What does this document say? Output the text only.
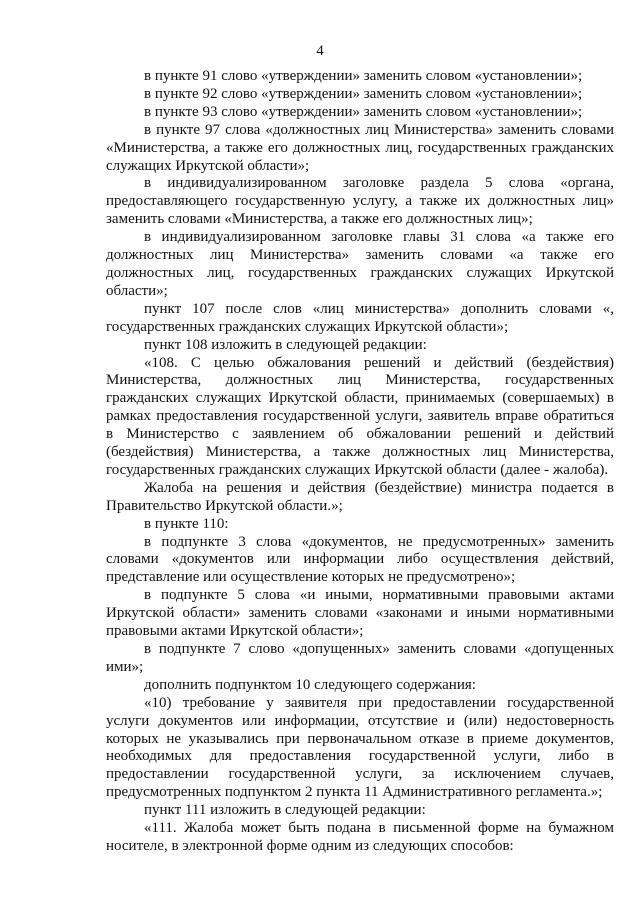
4

в пункте 91 слово «утверждении» заменить словом «установлении»;

в пункте 92 слово «утверждении» заменить словом «установлении»;

в пункте 93 слово «утверждении» заменить словом «установлении»;

в пункте 97 слова «должностных лиц Министерства» заменить словами «Министерства, а также его должностных лиц, государственных гражданских служащих Иркутской области»;

в индивидуализированном заголовке раздела 5 слова «органа, предоставляющего государственную услугу, а также их должностных лиц» заменить словами «Министерства, а также его должностных лиц»;

в индивидуализированном заголовке главы 31 слова «а также его должностных лиц Министерства» заменить словами «а также его должностных лиц, государственных гражданских служащих Иркутской области»;

пункт 107 после слов «лиц министерства» дополнить словами «, государственных гражданских служащих Иркутской области»;

пункт 108 изложить в следующей редакции:

«108. С целью обжалования решений и действий (бездействия) Министерства, должностных лиц Министерства, государственных гражданских служащих Иркутской области, принимаемых (совершаемых) в рамках предоставления государственной услуги, заявитель вправе обратиться в Министерство с заявлением об обжаловании решений и действий (бездействия) Министерства, а также должностных лиц Министерства, государственных гражданских служащих Иркутской области (далее - жалоба).

Жалоба на решения и действия (бездействие) министра подается в Правительство Иркутской области.»;

в пункте 110:

в подпункте 3 слова «документов, не предусмотренных» заменить словами «документов или информации либо осуществления действий, представление или осуществление которых не предусмотрено»;

в подпункте 5 слова «и иными, нормативными правовыми актами Иркутской области» заменить словами «законами и иными нормативными правовыми актами Иркутской области»;

в подпункте 7 слово «допущенных» заменить словами «допущенных ими»;

дополнить подпунктом 10 следующего содержания:

«10) требование у заявителя при предоставлении государственной услуги документов или информации, отсутствие и (или) недостоверность которых не указывались при первоначальном отказе в приеме документов, необходимых для предоставления государственной услуги, либо в предоставлении государственной услуги, за исключением случаев, предусмотренных подпунктом 2 пункта 11 Административного регламента.»;

пункт 111 изложить в следующей редакции:

«111. Жалоба может быть подана в письменной форме на бумажном носителе, в электронной форме одним из следующих способов:
